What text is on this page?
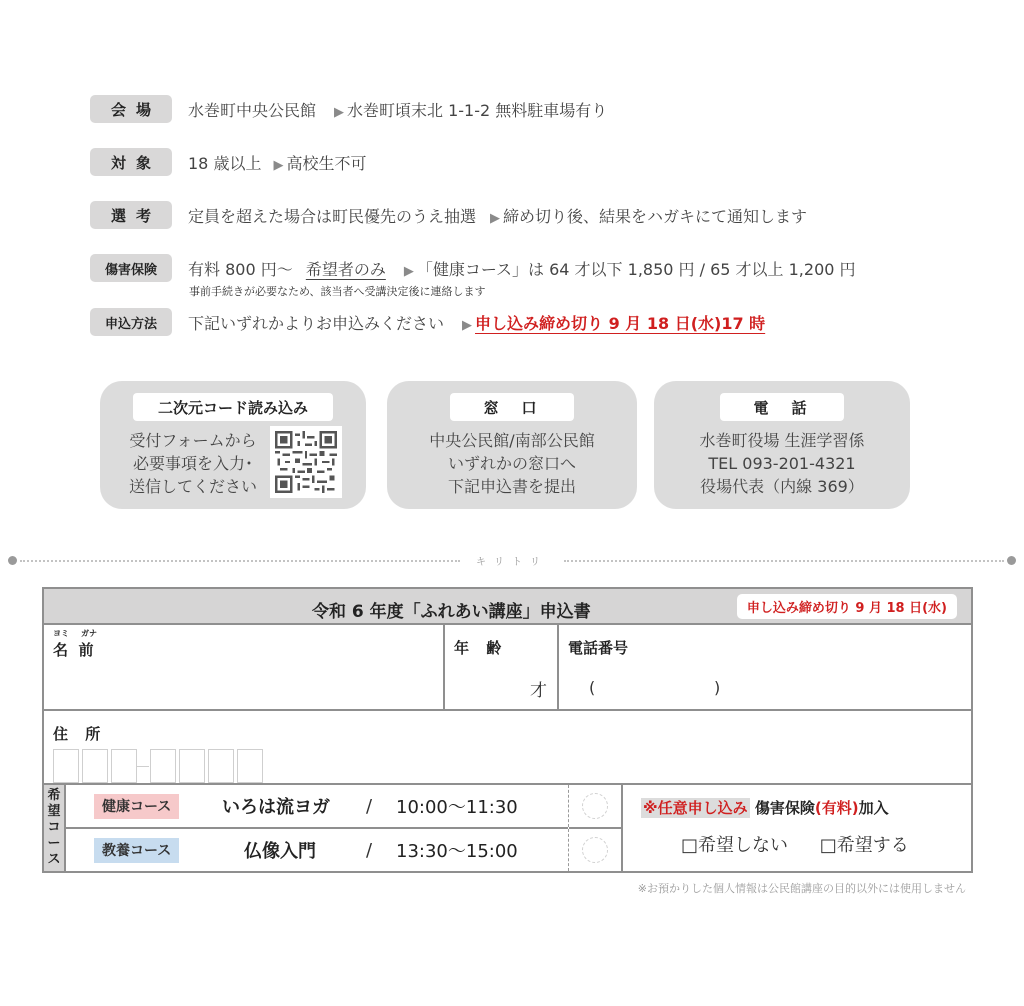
会場	水巻町中央公民館 ▶ 水巻町頃末北 1-1-2 無料駐車場有り
対象	18 歳以上 ▶ 高校生不可
選考	定員を超えた場合は町民優先のうえ抽選 ▶ 締め切り後、結果をハガキにて通知します
傷害保険	有料 800 円〜 希望者のみ ▶ 「健康コース」は 64 才以下 1,850 円 / 65 才以上 1,200 円
事前手続きが必要なため、該当者へ受講決定後に連絡します
申込方法	下記いずれかよりお申込みください ▶ 申し込み締め切り 9 月 18 日(水)17 時
二次元コード読み込み
受付フォームから
必要事項を入力･
送信してください
窓　口
中央公民館/南部公民館
いずれかの窓口へ
下記申込書を提出
電　話
水巻町役場 生涯学習係
TEL 093-201-4321
役場代表（内線 369）
キリトリ
令和 6 年度「ふれあい講座」申込書	申し込み締め切り 9 月 18 日(水)
ヨミ ガナ
名 前	年 齢
才
電話番号
(	)
住 所
希
望
コ
ー
ス
健康コース	いろは流ヨガ / 10:00〜11:30
教養コース	仏像入門	/ 13:30〜15:00
※任意申し込み 傷害保険(有料)加入
□希望しない □希望する
※お預かりした個人情報は公民館講座の目的以外には使用しません
